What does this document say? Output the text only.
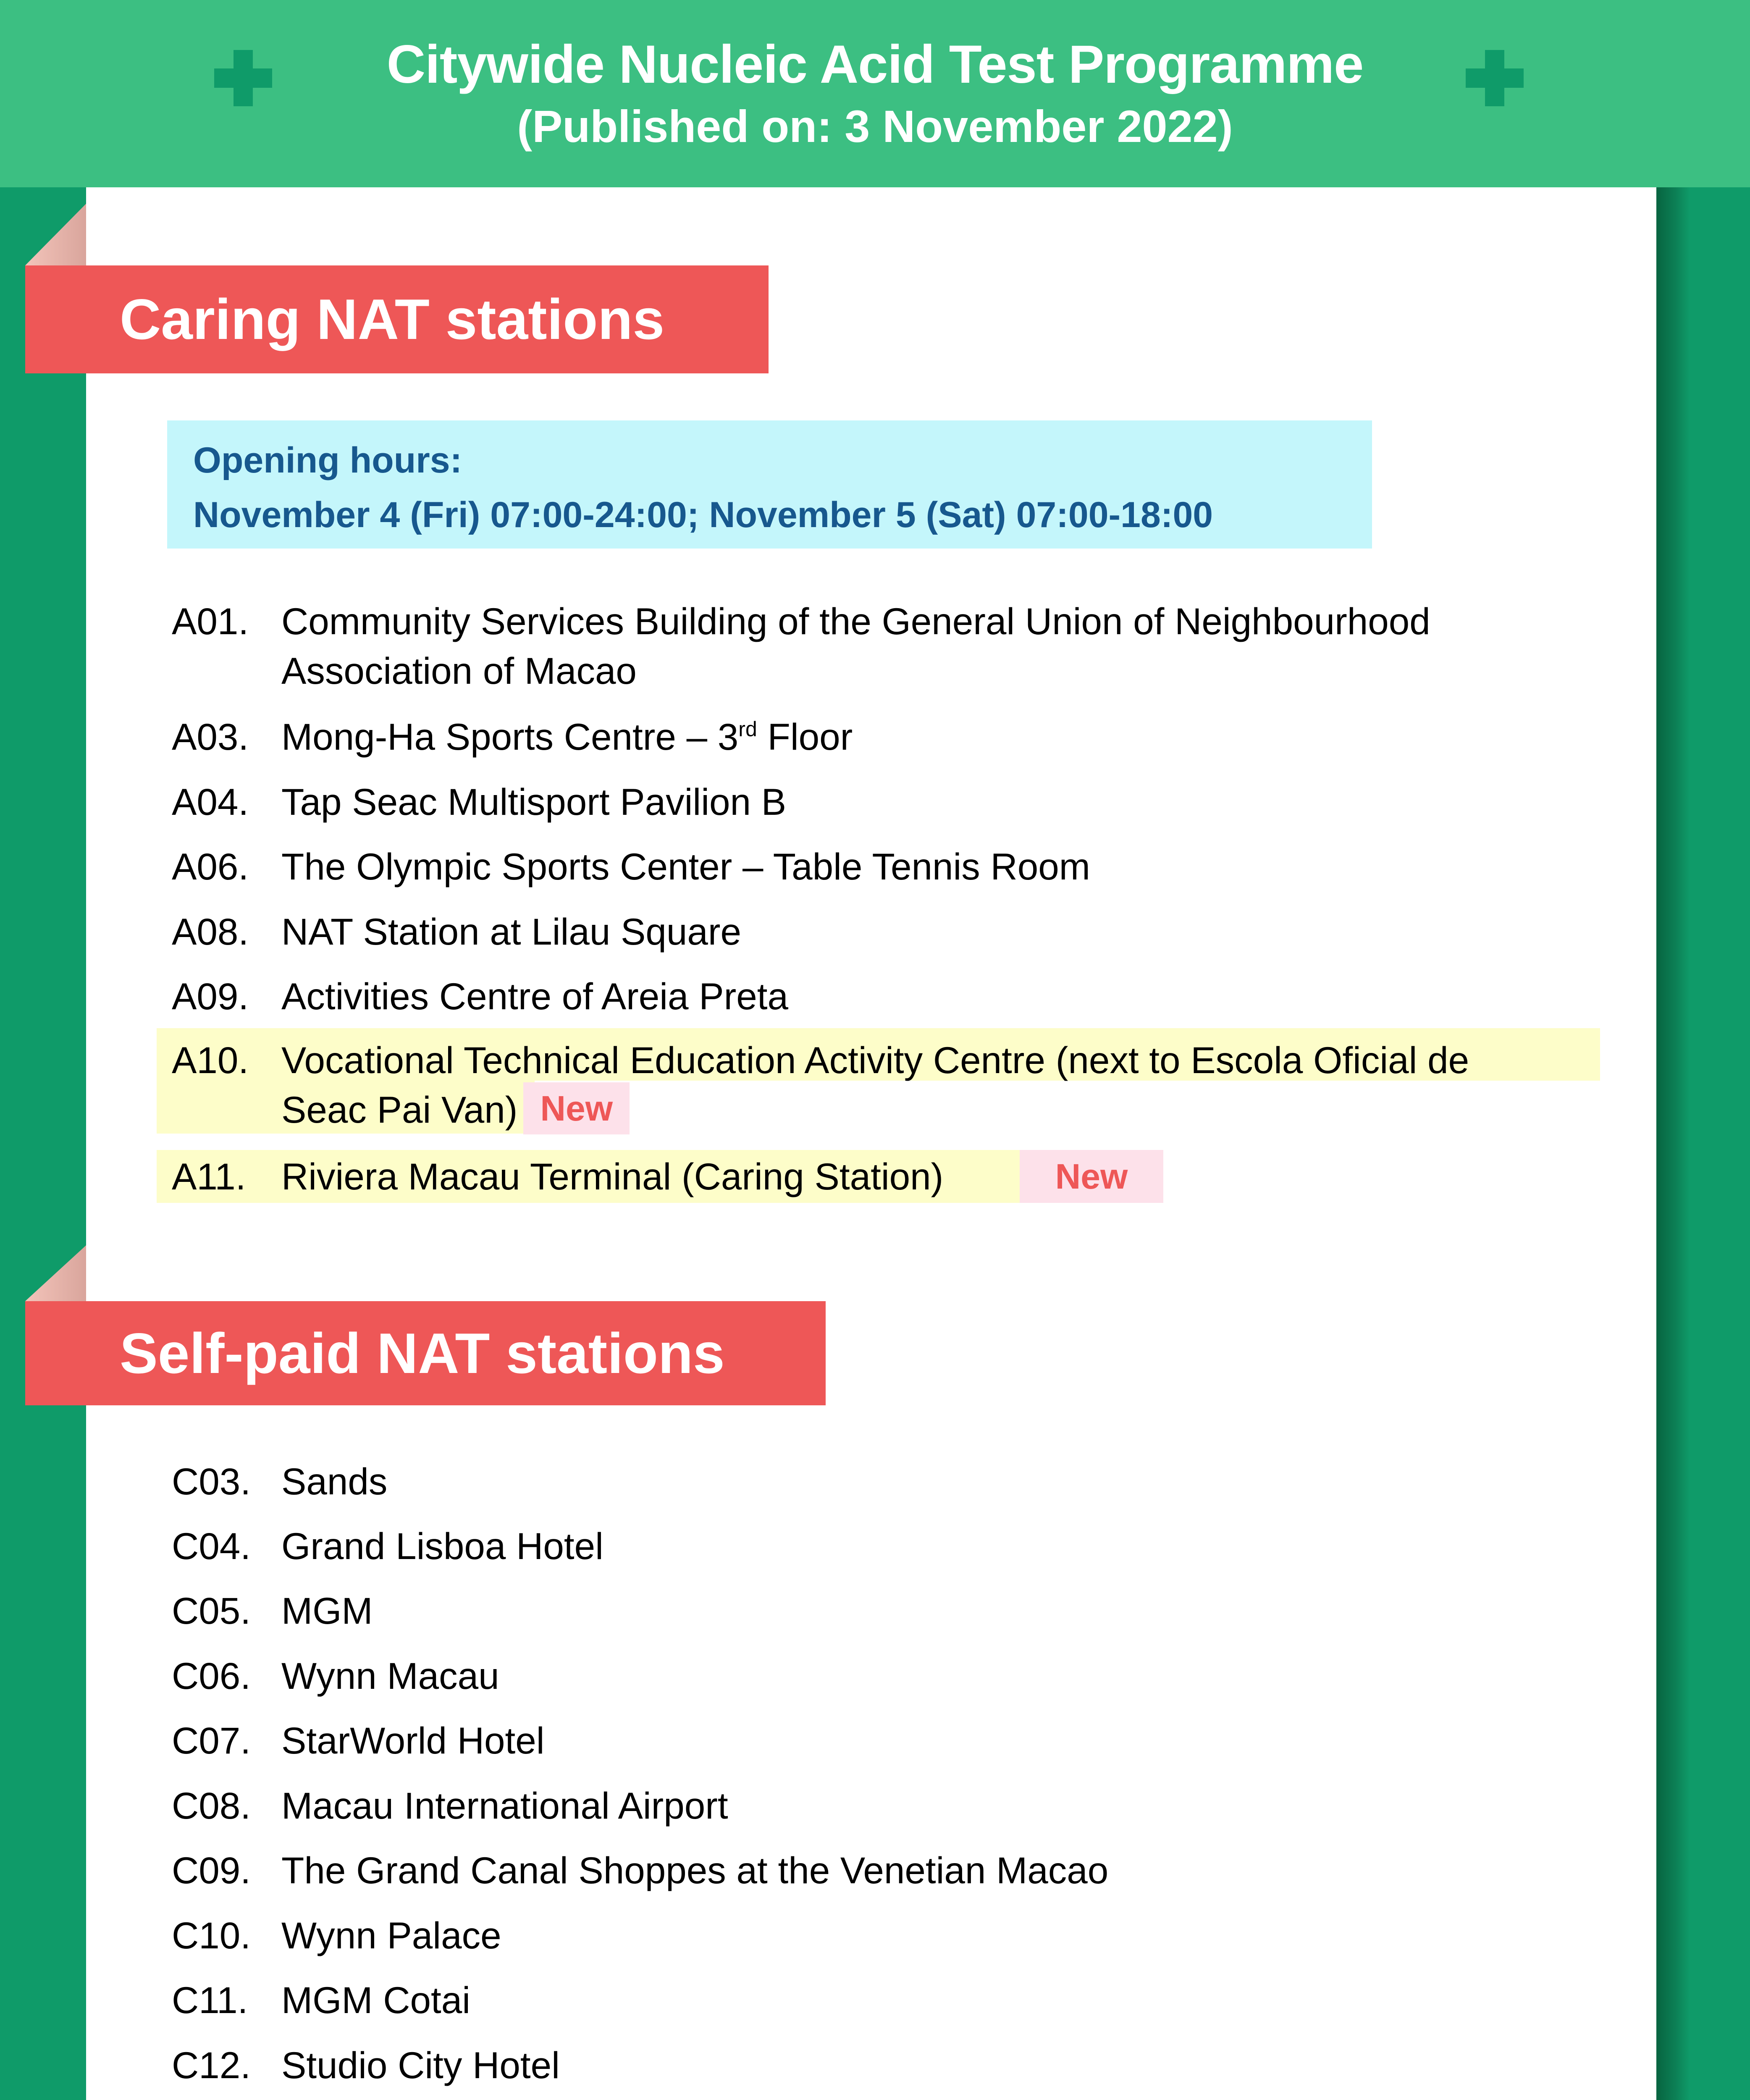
Citywide Nucleic Acid Test Programme
(Published on: 3 November 2022)
Caring NAT stations
Opening hours:
November 4 (Fri) 07:00-24:00; November 5 (Sat) 07:00-18:00
A01. Community Services Building of the General Union of Neighbourhood
Association of Macao
A03. Mong-Ha Sports Centre – 3rd Floor
A04. Tap Seac Multisport Pavilion B
A06. The Olympic Sports Center – Table Tennis Room
A08. NAT Station at Lilau Square
A09. Activities Centre of Areia Preta
A10. Vocational Technical Education Activity Centre (next to Escola Oficial de
Seac Pai Van) New
A11. Riviera Macau Terminal (Caring Station)	New
Self-paid NAT stations
C03. Sands
C04. Grand Lisboa Hotel
C05. MGM
C06. Wynn Macau
C07. StarWorld Hotel
C08. Macau International Airport
C09. The Grand Canal Shoppes at the Venetian Macao
C10. Wynn Palace
C11. MGM Cotai
C12. Studio City Hotel
